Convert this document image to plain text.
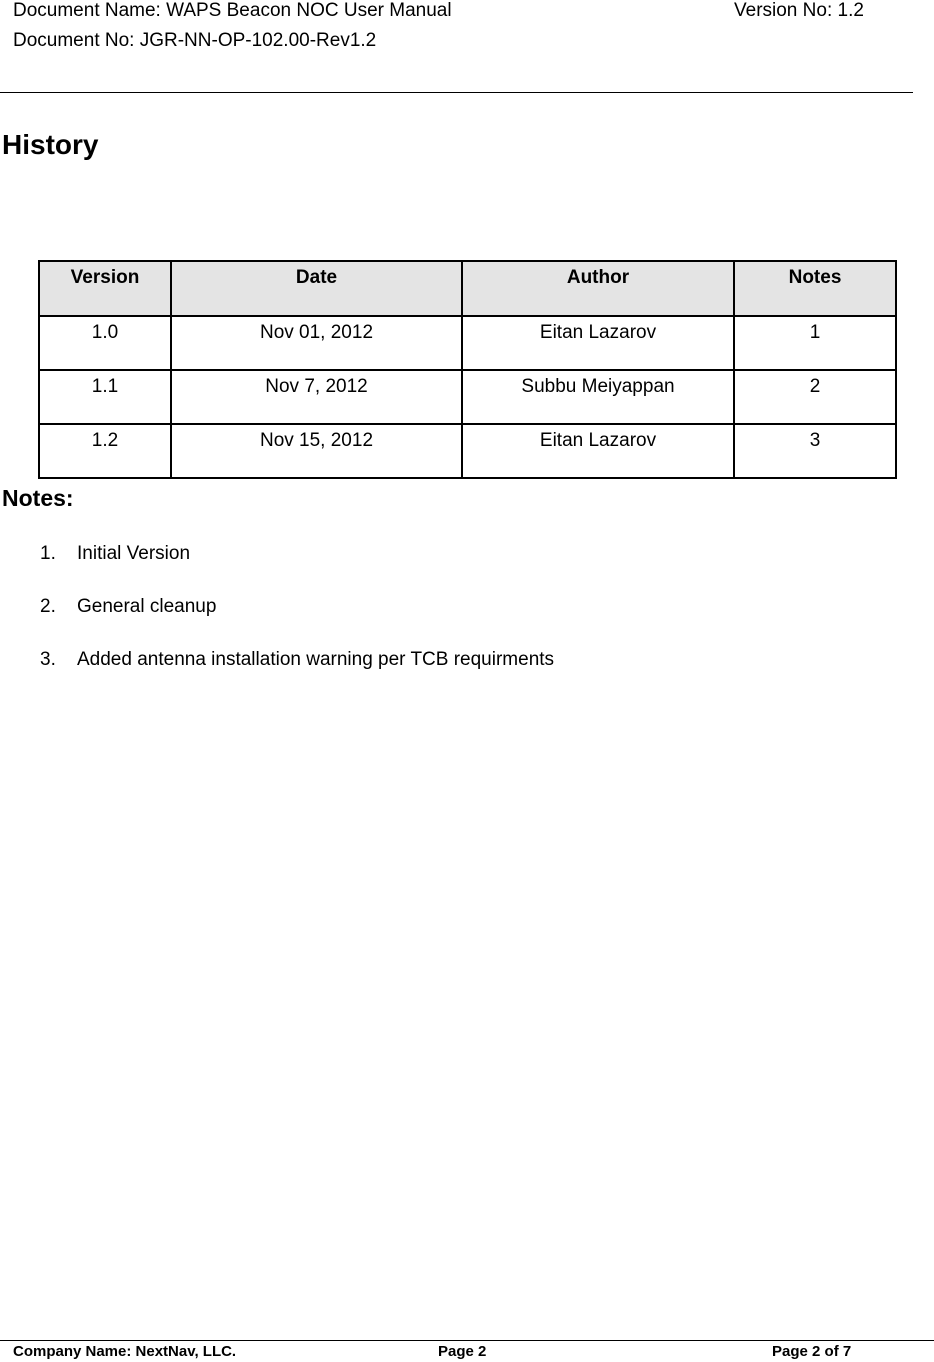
Document Name: WAPS Beacon NOC User Manual	Version No: 1.2
Document No: JGR-NN-OP-102.00-Rev1.2
History
Version	Date	Author	Notes
1.0	Nov 01, 2012	Eitan Lazarov	1
1.1	Nov 7, 2012	Subbu Meiyappan	2
1.2	Nov 15, 2012	Eitan Lazarov	3
Notes:
1. Initial Version
2. General cleanup
3. Added antenna installation warning per TCB requirments
Company Name: NextNav, LLC.	Page 2	Page 2 of 7
